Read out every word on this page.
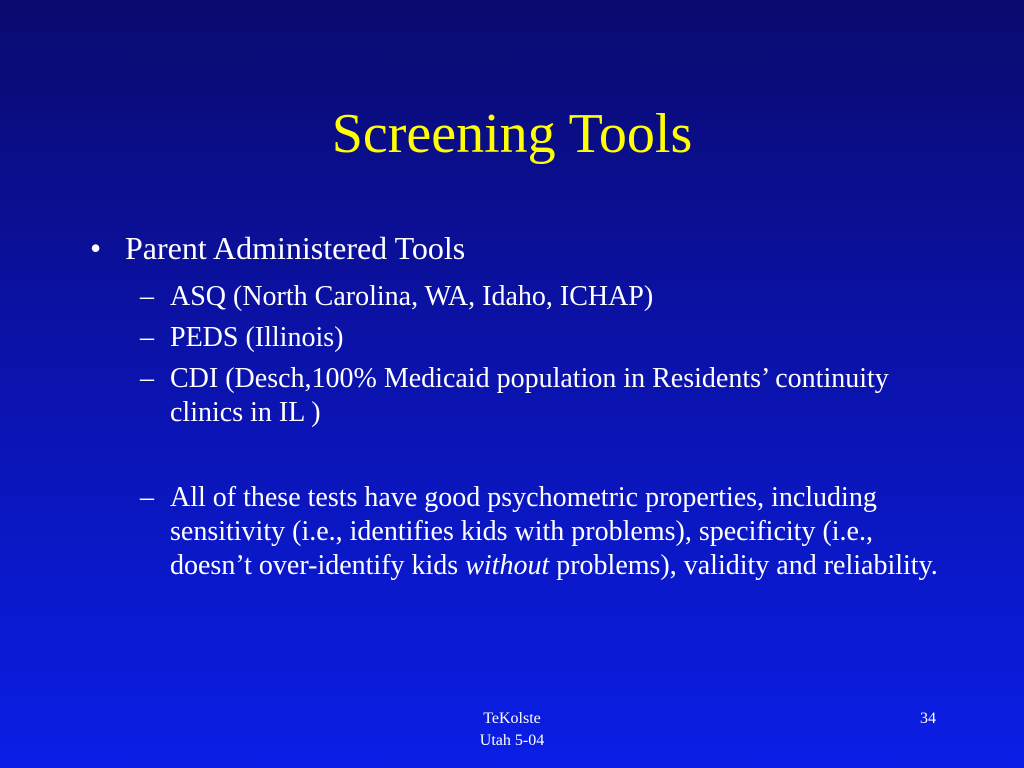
Screening Tools
• Parent Administered Tools
– ASQ (North Carolina, WA, Idaho, ICHAP)
– PEDS (Illinois)
– CDI (Desch,100% Medicaid population in Residents’ continuity clinics in IL )
– All of these tests have good psychometric properties, including sensitivity (i.e., identifies kids with problems), specificity (i.e., doesn’t over-identify kids without problems), validity and reliability.
TeKolste
Utah 5-04
34
